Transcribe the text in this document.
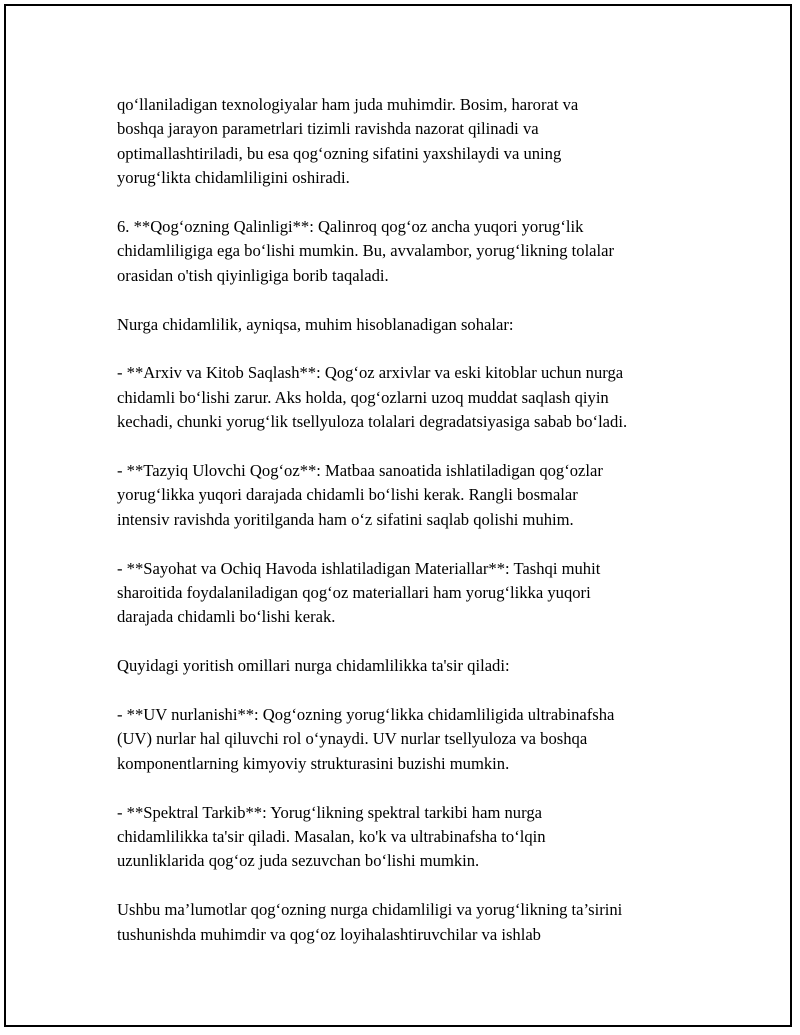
qo‘llaniladigan texnologiyalar ham juda muhimdir. Bosim, harorat va
boshqa jarayon parametrlari tizimli ravishda nazorat qilinadi va
optimallashtiriladi, bu esa qog‘ozning sifatini yaxshilaydi va uning
yorug‘likta chidamliligini oshiradi.

6. **Qog‘ozning Qalinligi**: Qalinroq qog‘oz ancha yuqori yorug‘lik
chidamliligiga ega bo‘lishi mumkin. Bu, avvalambor, yorug‘likning tolalar
orasidan o'tish qiyinligiga borib taqaladi.

Nurga chidamlilik, ayniqsa, muhim hisoblanadigan sohalar:

- **Arxiv va Kitob Saqlash**: Qog‘oz arxivlar va eski kitoblar uchun nurga
chidamli bo‘lishi zarur. Aks holda, qog‘ozlarni uzoq muddat saqlash qiyin
kechadi, chunki yorug‘lik tsellyuloza tolalari degradatsiyasiga sabab bo‘ladi.

- **Tazyiq Ulovchi Qog‘oz**: Matbaa sanoatida ishlatiladigan qog‘ozlar
yorug‘likka yuqori darajada chidamli bo‘lishi kerak. Rangli bosmalar
intensiv ravishda yoritilganda ham o‘z sifatini saqlab qolishi muhim.

- **Sayohat va Ochiq Havoda ishlatiladigan Materiallar**: Tashqi muhit
sharoitida foydalaniladigan qog‘oz materiallari ham yorug‘likka yuqori
darajada chidamli bo‘lishi kerak.

Quyidagi yoritish omillari nurga chidamlilikka ta'sir qiladi:

- **UV nurlanishi**: Qog‘ozning yorug‘likka chidamliligida ultrabinafsha
(UV) nurlar hal qiluvchi rol o‘ynaydi. UV nurlar tsellyuloza va boshqa
komponentlarning kimyoviy strukturasini buzishi mumkin.

- **Spektral Tarkib**: Yorug‘likning spektral tarkibi ham nurga
chidamlilikka ta'sir qiladi. Masalan, ko'k va ultrabinafsha to‘lqin
uzunliklarida qog‘oz juda sezuvchan bo‘lishi mumkin.

Ushbu ma’lumotlar qog‘ozning nurga chidamliligi va yorug‘likning ta’sirini
tushunishda muhimdir va qog‘oz loyihalashtiruvchilar va ishlab
